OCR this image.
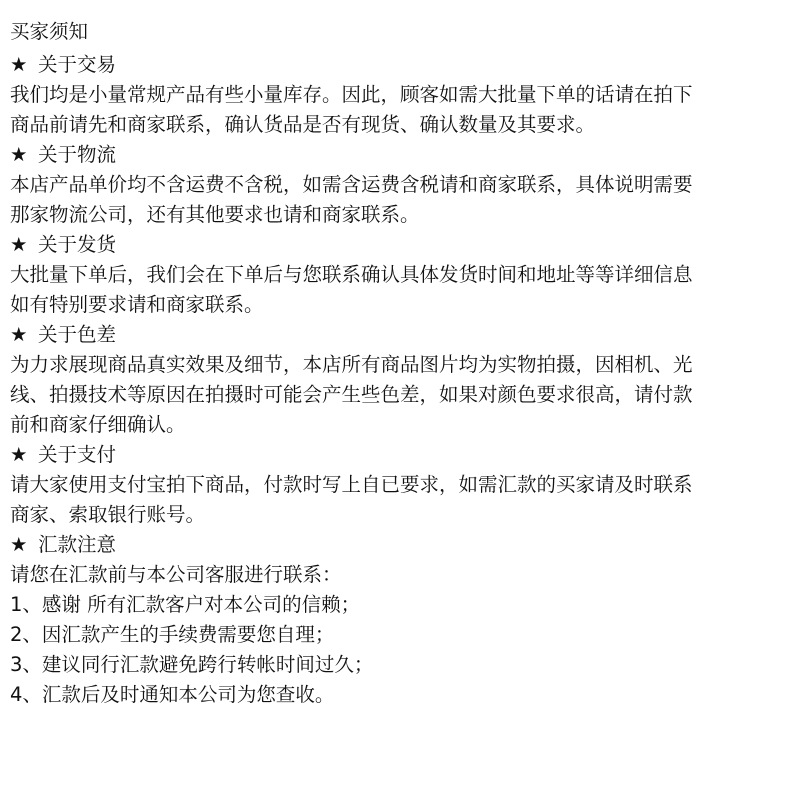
买家须知
★ 关于交易
我们均是小量常规产品有些小量库存。因此，顾客如需大批量下单的话请在拍下
商品前请先和商家联系，确认货品是否有现货、确认数量及其要求。
★ 关于物流
本店产品单价均不含运费不含税，如需含运费含税请和商家联系，具体说明需要
那家物流公司，还有其他要求也请和商家联系。
★ 关于发货
大批量下单后，我们会在下单后与您联系确认具体发货时间和地址等等详细信息
如有特别要求请和商家联系。
★ 关于色差
为力求展现商品真实效果及细节，本店所有商品图片均为实物拍摄，因相机、光
线、拍摄技术等原因在拍摄时可能会产生些色差，如果对颜色要求很高，请付款
前和商家仔细确认。
★ 关于支付
请大家使用支付宝拍下商品，付款时写上自已要求，如需汇款的买家请及时联系
商家、索取银行账号。
★ 汇款注意
请您在汇款前与本公司客服进行联系：
1、感谢 所有汇款客户对本公司的信赖；
2、因汇款产生的手续费需要您自理；
3、建议同行汇款避免跨行转帐时间过久；
4、汇款后及时通知本公司为您查收。
